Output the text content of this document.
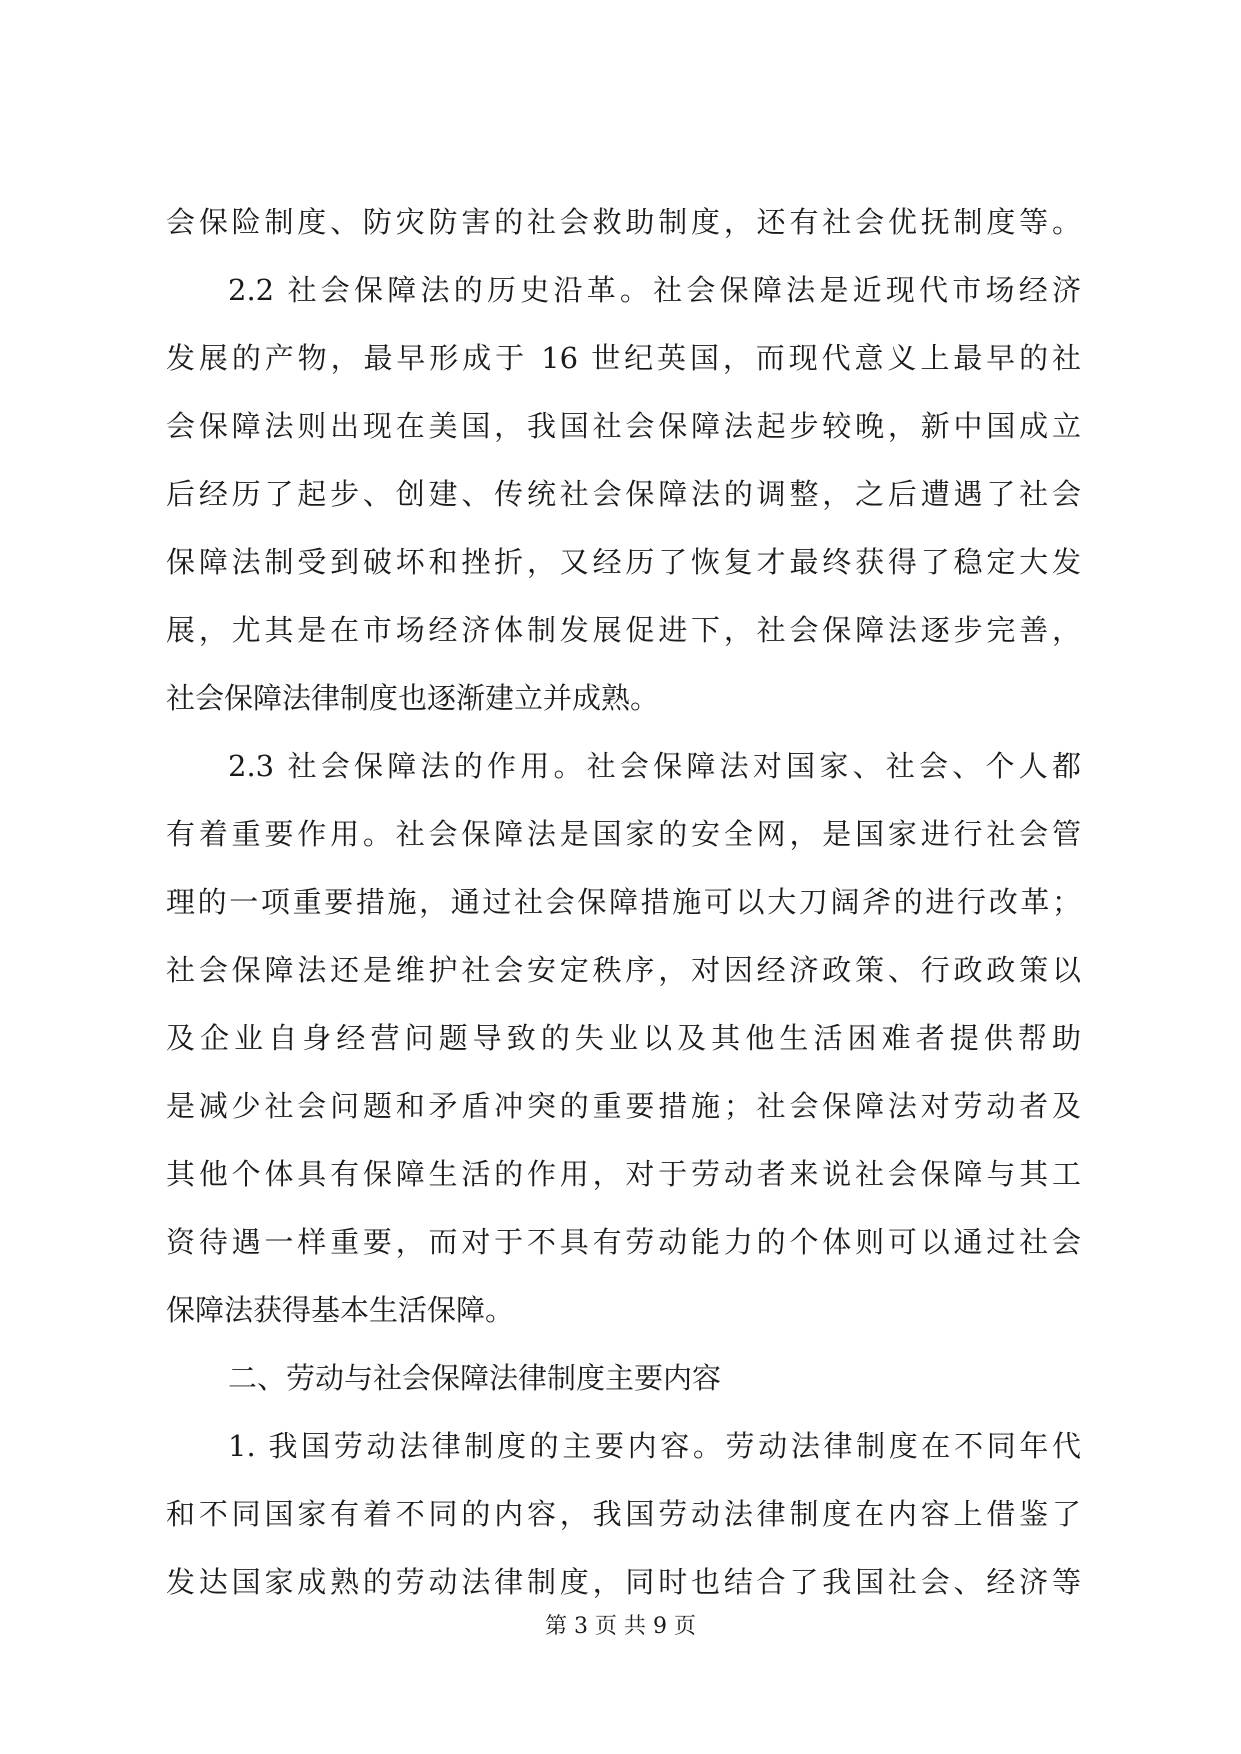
会保险制度、防灾防害的社会救助制度，还有社会优抚制度等。
2.2 社会保障法的历史沿革。社会保障法是近现代市场经济
发展的产物，最早形成于 16 世纪英国，而现代意义上最早的社
会保障法则出现在美国，我国社会保障法起步较晚，新中国成立
后经历了起步、创建、传统社会保障法的调整，之后遭遇了社会
保障法制受到破坏和挫折，又经历了恢复才最终获得了稳定大发
展，尤其是在市场经济体制发展促进下，社会保障法逐步完善，
社会保障法律制度也逐渐建立并成熟。
2.3 社会保障法的作用。社会保障法对国家、社会、个人都
有着重要作用。社会保障法是国家的安全网，是国家进行社会管
理的一项重要措施，通过社会保障措施可以大刀阔斧的进行改革；
社会保障法还是维护社会安定秩序，对因经济政策、行政政策以
及企业自身经营问题导致的失业以及其他生活困难者提供帮助
是减少社会问题和矛盾冲突的重要措施；社会保障法对劳动者及
其他个体具有保障生活的作用，对于劳动者来说社会保障与其工
资待遇一样重要，而对于不具有劳动能力的个体则可以通过社会
保障法获得基本生活保障。
二、劳动与社会保障法律制度主要内容
1. 我国劳动法律制度的主要内容。劳动法律制度在不同年代
和不同国家有着不同的内容，我国劳动法律制度在内容上借鉴了
发达国家成熟的劳动法律制度，同时也结合了我国社会、经济等
第 3 页 共 9 页
